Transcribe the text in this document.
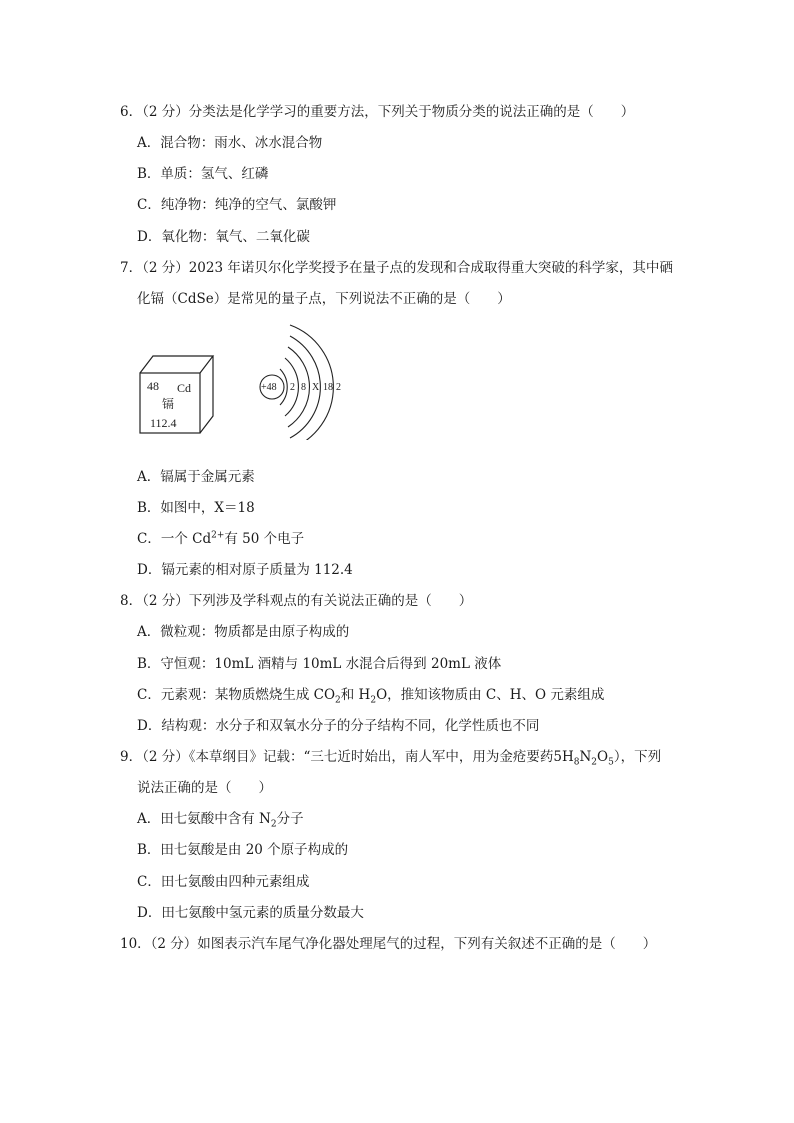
6．（2 分）分类法是化学学习的重要方法，下列关于物质分类的说法正确的是（　　）
A．混合物：雨水、冰水混合物
B．单质：氢气、红磷
C．纯净物：纯净的空气、氯酸钾
D．氧化物：氧气、二氧化碳
7．（2 分）2023 年诺贝尔化学奖授予在量子点的发现和合成取得重大突破的科学家，其中硒
化镉（CdSe）是常见的量子点，下列说法不正确的是（　　）
48 Cd
镉
112.4
+48 2 8 X 18 2
A．镉属于金属元素
B．如图中，X＝18
C．一个 $Cd^{2+}$有 50 个电子
D．镉元素的相对原子质量为 112.4
8．（2 分）下列涉及学科观点的有关说法正确的是（　　）
A．微粒观：物质都是由原子构成的
B．守恒观：10mL 酒精与 10mL 水混合后得到 20mL 液体
C．元素观：某物质燃烧生成 $CO_2$和 $H_2O$，推知该物质由 C、H、O 元素组成
D．结构观：水分子和双氧水分子的分子结构不同，化学性质也不同
9．（2 分）《本草纲目》记载：“三七近时始出，南人军中，用为金疮要药$5H_8N_2O_5$），下列
说法正确的是（　　）
A．田七氨酸中含有 $N_2$分子
B．田七氨酸是由 20 个原子构成的
C．田七氨酸由四种元素组成
D．田七氨酸中氢元素的质量分数最大
10．（2 分）如图表示汽车尾气净化器处理尾气的过程，下列有关叙述不正确的是（　　）
